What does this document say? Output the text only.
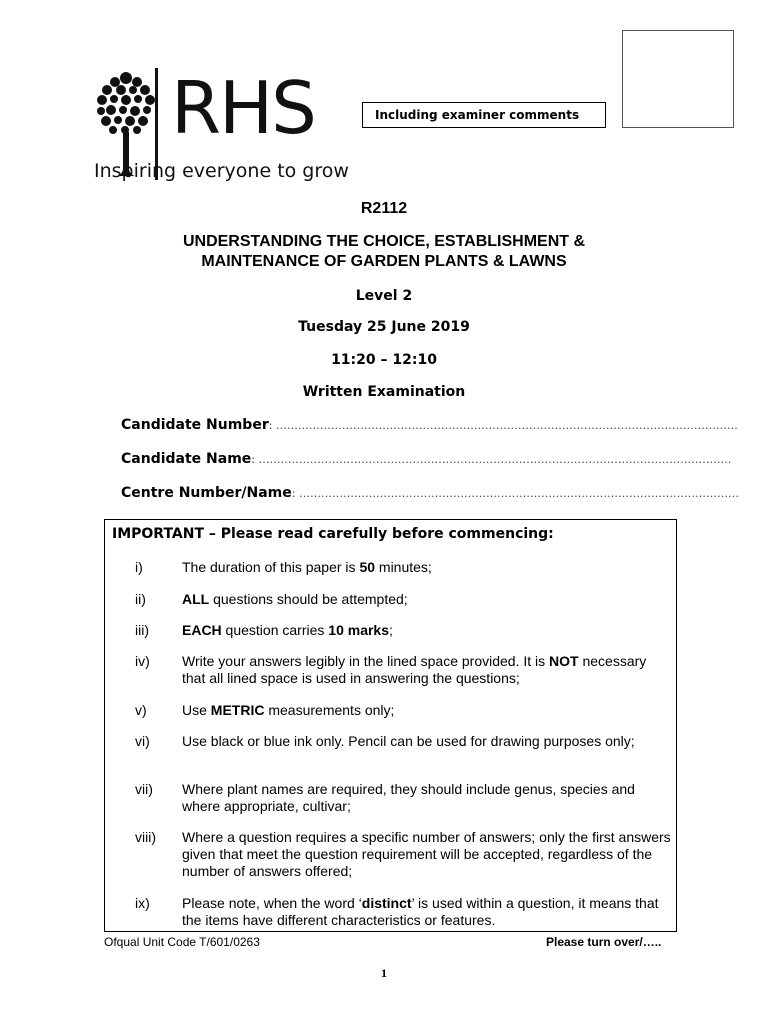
RHS
Inspiring everyone to grow
Including examiner comments
R2112
UNDERSTANDING THE CHOICE, ESTABLISHMENT &
MAINTENANCE OF GARDEN PLANTS & LAWNS
Level 2
Tuesday 25 June 2019
11:20 – 12:10
Written Examination
Candidate Number: ………………………………………………………………………………………………………………
Candidate Name: …………………………………………………………………………………………………………………
Centre Number/Name: …………………………………………………………………………………………………………
IMPORTANT – Please read carefully before commencing:
i)	The duration of this paper is 50 minutes;
ii)	ALL questions should be attempted;
iii) EACH question carries 10 marks;
iv) Write your answers legibly in the lined space provided. It is NOT necessary that all lined space is used in answering the questions;
v)	Use METRIC measurements only;
vi) Use black or blue ink only. Pencil can be used for drawing purposes only;
vii) Where plant names are required, they should include genus, species and where appropriate, cultivar;
viii) Where a question requires a specific number of answers; only the first answers given that meet the question requirement will be accepted, regardless of the number of answers offered;
ix) Please note, when the word ‘distinct’ is used within a question, it means that the items have different characteristics or features.
Ofqual Unit Code T/601/0263	Please turn over/…..
1
